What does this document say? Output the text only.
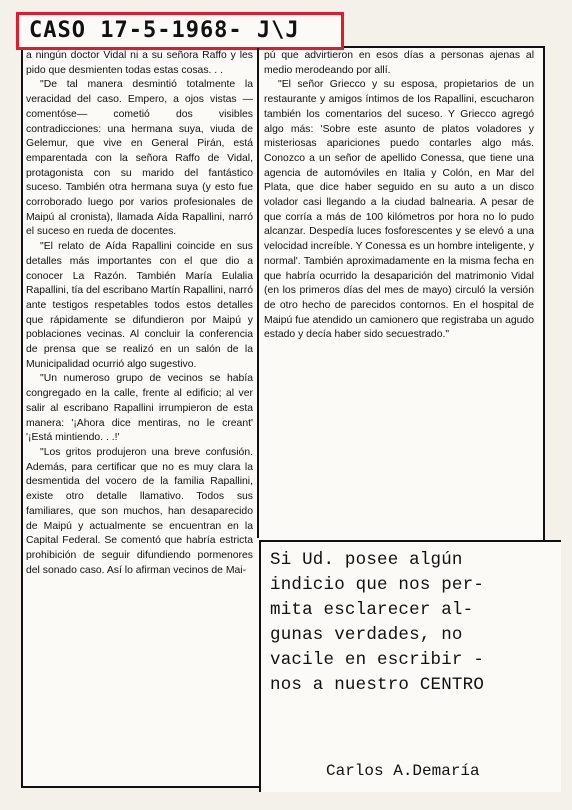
CASO 17-5-1968- J\J

a ningún doctor Vidal ni a su señora Raffo y les pido que desmienten todas estas cosas. . .

"De tal manera desmintió totalmente la veracidad del caso. Empero, a ojos vistas —comentóse— cometió dos visibles contradicciones: una hermana suya, viuda de Gelemur, que vive en General Pirán, está emparentada con la señora Raffo de Vidal, protagonista con su marido del fantástico suceso. También otra hermana suya (y esto fue corroborado luego por varios profesionales de Maipú al cronista), llamada Aída Rapallini, narró el suceso en rueda de docentes.

"El relato de Aída Rapallini coincide en sus detalles más importantes con el que dio a conocer La Razón. También María Eulalia Rapallini, tía del escribano Martín Rapallini, narró ante testigos respetables todos estos detalles que rápidamente se difundieron por Maipú y poblaciones vecinas. Al concluir la conferencia de prensa que se realizó en un salón de la Municipalidad ocurrió algo sugestivo.

"Un numeroso grupo de vecinos se había congregado en la calle, frente al edificio; al ver salir al escribano Rapallini irrumpieron de esta manera: '¡Ahora dice mentiras, no le creant' '¡Está mintiendo. . .!'

"Los gritos produjeron una breve confusión. Además, para certificar que no es muy clara la desmentida del vocero de la familia Rapallini, existe otro detalle llamativo. Todos sus familiares, que son muchos, han desaparecido de Maipú y actualmente se encuentran en la Capital Federal. Se comentó que habría estricta prohibición de seguir difundiendo pormenores del sonado caso. Así lo afirman vecinos de Mai-

pú que advirtieron en esos días a personas ajenas al medio merodeando por allí.

"El señor Griecco y su esposa, propietarios de un restaurante y amigos íntimos de los Rapallini, escucharon también los comentarios del suceso. Y Griecco agregó algo más: 'Sobre este asunto de platos voladores y misteriosas apariciones puedo contarles algo más. Conozco a un señor de apellido Conessa, que tiene una agencia de automóviles en Italia y Colón, en Mar del Plata, que dice haber seguido en su auto a un disco volador casi llegando a la ciudad balnearia. A pesar de que corría a más de 100 kilómetros por hora no lo pudo alcanzar. Despedía luces fosforescentes y se elevó a una velocidad increíble. Y Conessa es un hombre inteligente, y normal'. También aproximadamente en la misma fecha en que habría ocurrido la desaparición del matrimonio Vidal (en los primeros días del mes de mayo) circuló la versión de otro hecho de parecidos contornos. En el hospital de Maipú fue atendido un camionero que registraba un agudo estado y decía haber sido secuestrado."

Si Ud. posee algún
indicio que nos per-
mita esclarecer al-
gunas verdades, no
vacile en escribir -
nos a nuestro CENTRO
Carlos A.Demaría
